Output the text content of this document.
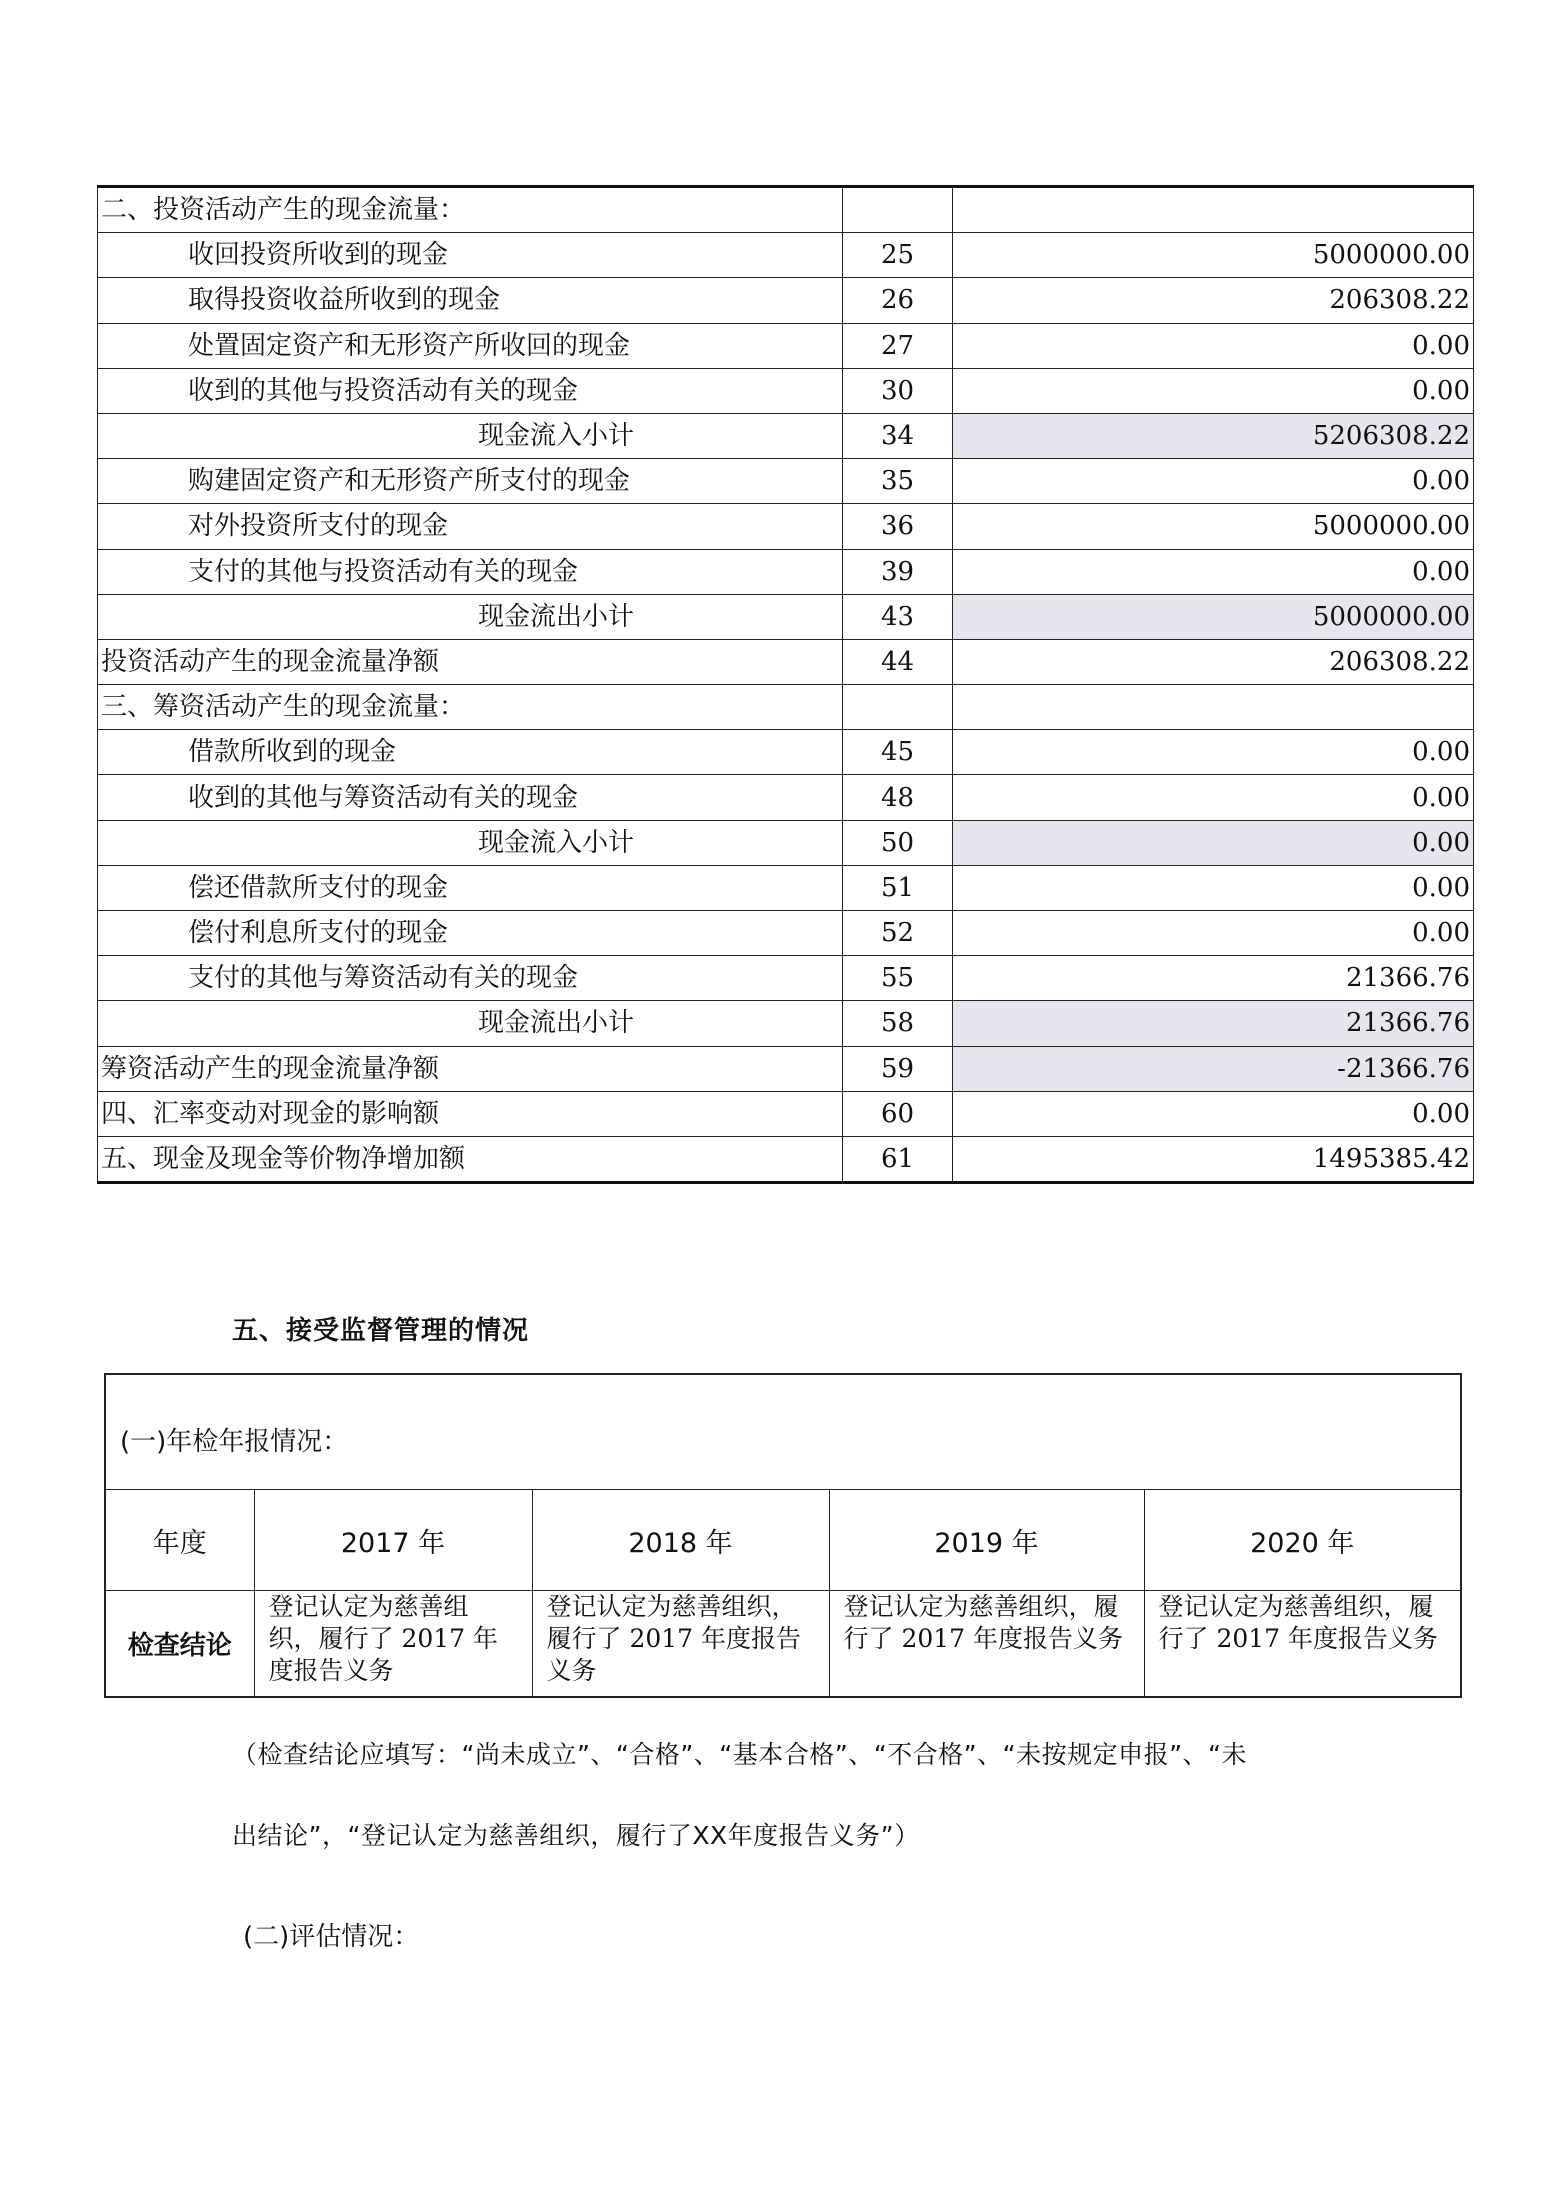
二、投资活动产生的现金流量：		
收回投资所收到的现金	25	5000000.00
取得投资收益所收到的现金	26	206308.22
处置固定资产和无形资产所收回的现金	27	0.00
收到的其他与投资活动有关的现金	30	0.00
现金流入小计	34	5206308.22
购建固定资产和无形资产所支付的现金	35	0.00
对外投资所支付的现金	36	5000000.00
支付的其他与投资活动有关的现金	39	0.00
现金流出小计	43	5000000.00
投资活动产生的现金流量净额	44	206308.22
三、筹资活动产生的现金流量：		
借款所收到的现金	45	0.00
收到的其他与筹资活动有关的现金	48	0.00
现金流入小计	50	0.00
偿还借款所支付的现金	51	0.00
偿付利息所支付的现金	52	0.00
支付的其他与筹资活动有关的现金	55	21366.76
现金流出小计	58	21366.76
筹资活动产生的现金流量净额	59	-21366.76
四、汇率变动对现金的影响额	60	0.00
五、现金及现金等价物净增加额	61	1495385.42
五、接受监督管理的情况
(一)年检年报情况：				
年度	2017 年	2018 年	2019 年	2020 年
检查结论	登记认定为慈善组织，履行了 2017 年度报告义务	登记认定为慈善组织，履行了 2017 年度报告义务	登记认定为慈善组织，履行了 2017 年度报告义务	登记认定为慈善组织，履行了 2017 年度报告义务
（检查结论应填写：“尚未成立”、“合格”、“基本合格”、“不合格”、“未按规定申报”、“未
出结论”，“登记认定为慈善组织，履行了XX年度报告义务”）
(二)评估情况：
